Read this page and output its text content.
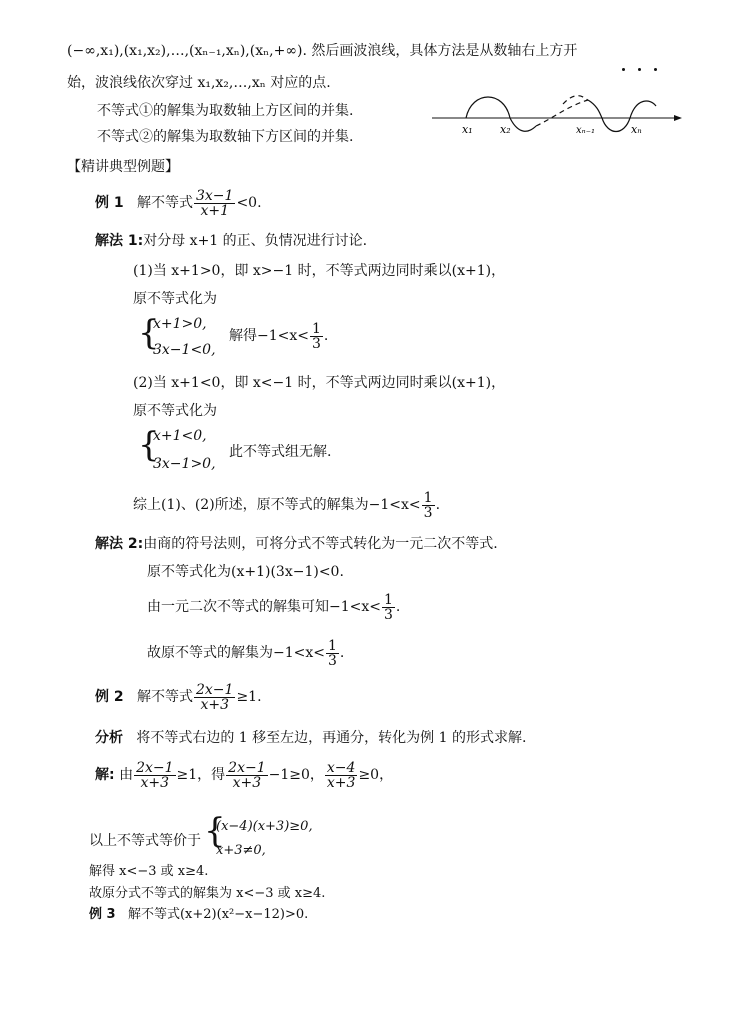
(−∞,x₁),(x₁,x₂),…,(xₙ₋₁,xₙ),(xₙ,+∞). 然后画波浪线，具体方法是从数轴右上方开
始，波浪线依次穿过 x₁,x₂,…,xₙ 对应的点.
不等式①的解集为取数轴上方区间的并集.
不等式②的解集为取数轴下方区间的并集.	x₁ x₂	xₙ₋₁	xₙ
【精讲典型例题】
例 1 解不等式 $\frac{3x-1}{x+1} <0$.
解法 1:对分母 x+1 的正、负情况进行讨论.
(1)当 x+1>0，即 x>−1 时，不等式两边同时乘以(x+1)，
原不等式化为
{
x+1>0,
3x−1<0,
解得$-1<x< \frac{1}{3}$ .
(2)当 x+1<0，即 x<−1 时，不等式两边同时乘以(x+1)，
原不等式化为
{
x+1<0,
3x−1>0,
此不等式组无解.
综上(1)、(2)所述，原不等式的解集为$-1<x< \frac{1}{3}$ .
解法 2:由商的符号法则，可将分式不等式转化为一元二次不等式.
原不等式化为(x+1)(3x−1)<0.
由一元二次不等式的解集可知$-1<x< \frac{1}{3}$ .
故原不等式的解集为$-1<x< \frac{1}{3}$ .
例 2 解不等式 $\frac{2x-1}{x+3} \ge 1$.
分析 将不等式右边的 1 移至左边，再通分，转化为例 1 的形式求解.
解: 由 $\frac{2x-1}{x+3} \ge 1$，得 $\frac{2x-1}{x+3} -1\ge 0$， $\frac{x-4}{x+3} \ge 0$，
以上不等式等价于 {
(x−4)(x+3)≥0,
x+3≠0,
解得 x<−3 或 x≥4.
故原分式不等式的解集为 x<−3 或 x≥4.
例 3 解不等式(x+2)(x²−x−12)>0.
